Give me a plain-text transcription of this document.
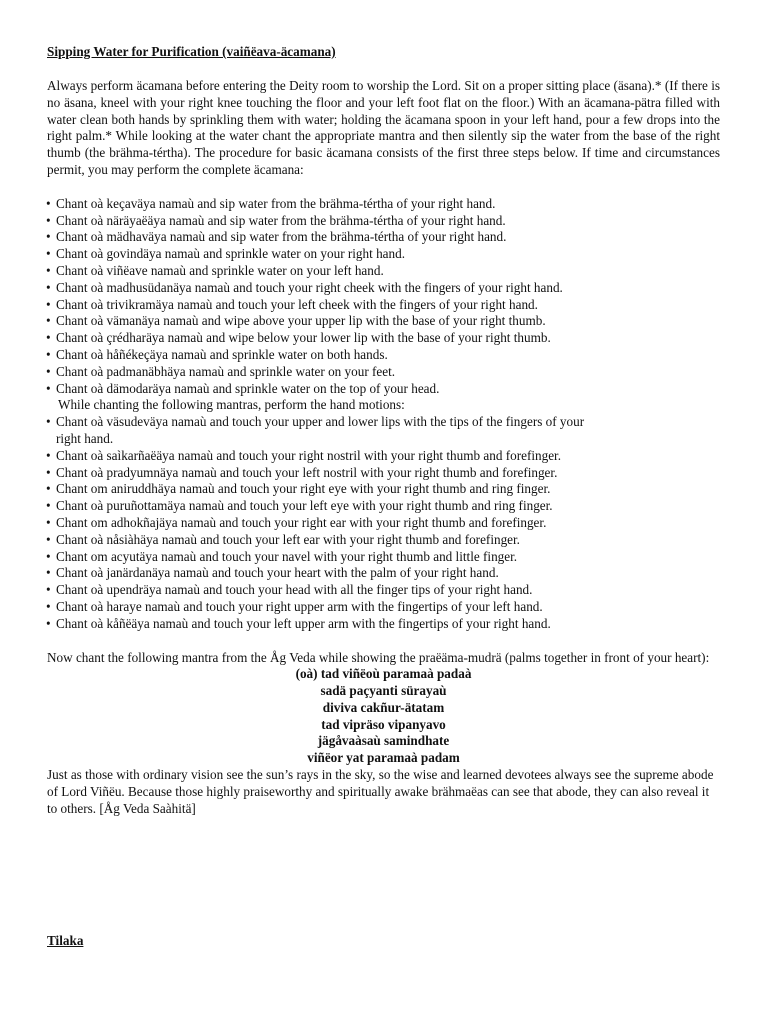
Sipping Water for Purification (vaiñëava-äcamana)

Always perform äcamana before entering the Deity room to worship the Lord. Sit on a proper sitting place (äsana).* (If there is no äsana, kneel with your right knee touching the floor and your left foot flat on the floor.) With an äcamana-pätra filled with water clean both hands by sprinkling them with water; holding the äcamana spoon in your left hand, pour a few drops into the right palm.* While looking at the water chant the appropriate mantra and then silently sip the water from the base of the right thumb (the brähma-tértha). The procedure for basic äcamana consists of the first three steps below. If time and circumstances permit, you may perform the complete äcamana:

• Chant oà keçaväya namaù and sip water from the brähma-tértha of your right hand.
• Chant oà näräyaëäya namaù and sip water from the brähma-tértha of your right hand.
• Chant oà mädhaväya namaù and sip water from the brähma-tértha of your right hand.
• Chant oà govindäya namaù and sprinkle water on your right hand.
• Chant oà viñëave namaù and sprinkle water on your left hand.
• Chant oà madhusüdanäya namaù and touch your right cheek with the fingers of your right hand.
• Chant oà trivikramäya namaù and touch your left cheek with the fingers of your right hand.
• Chant oà vämanäya namaù and wipe above your upper lip with the base of your right thumb.
• Chant oà çrédharäya namaù and wipe below your lower lip with the base of your right thumb.
• Chant oà håñékeçäya namaù and sprinkle water on both hands.
• Chant oà padmanäbhäya namaù and sprinkle water on your feet.
• Chant oà dämodaräya namaù and sprinkle water on the top of your head.
While chanting the following mantras, perform the hand motions:
• Chant oà väsudeväya namaù and touch your upper and lower lips with the tips of the fingers of your
right hand.
• Chant oà saìkarñaëäya namaù and touch your right nostril with your right thumb and forefinger.
• Chant oà pradyumnäya namaù and touch your left nostril with your right thumb and forefinger.
• Chant om aniruddhäya namaù and touch your right eye with your right thumb and ring finger.
• Chant oà puruñottamäya namaù and touch your left eye with your right thumb and ring finger.
• Chant om adhokñajäya namaù and touch your right ear with your right thumb and forefinger.
• Chant oà nåsiàhäya namaù and touch your left ear with your right thumb and forefinger.
• Chant om acyutäya namaù and touch your navel with your right thumb and little finger.
• Chant oà janärdanäya namaù and touch your heart with the palm of your right hand.
• Chant oà upendräya namaù and touch your head with all the finger tips of your right hand.
• Chant oà haraye namaù and touch your right upper arm with the fingertips of your left hand.
• Chant oà kåñëäya namaù and touch your left upper arm with the fingertips of your right hand.

Now chant the following mantra from the Åg Veda while showing the praëäma-mudrä (palms together in front of your heart):

(oà) tad viñëoù paramaà padaà

sadä paçyanti sürayaù

diviva cakñur-ätatam

tad vipräso vipanyavo

jägåvaàsaù samindhate

viñëor yat paramaà padam

Just as those with ordinary vision see the sun’s rays in the sky, so the wise and learned devotees always see the supreme abode of Lord Viñëu. Because those highly praiseworthy and spiritually awake brähmaëas can see that abode, they can also reveal it to others. [Åg Veda Saàhitä]

Tilaka
